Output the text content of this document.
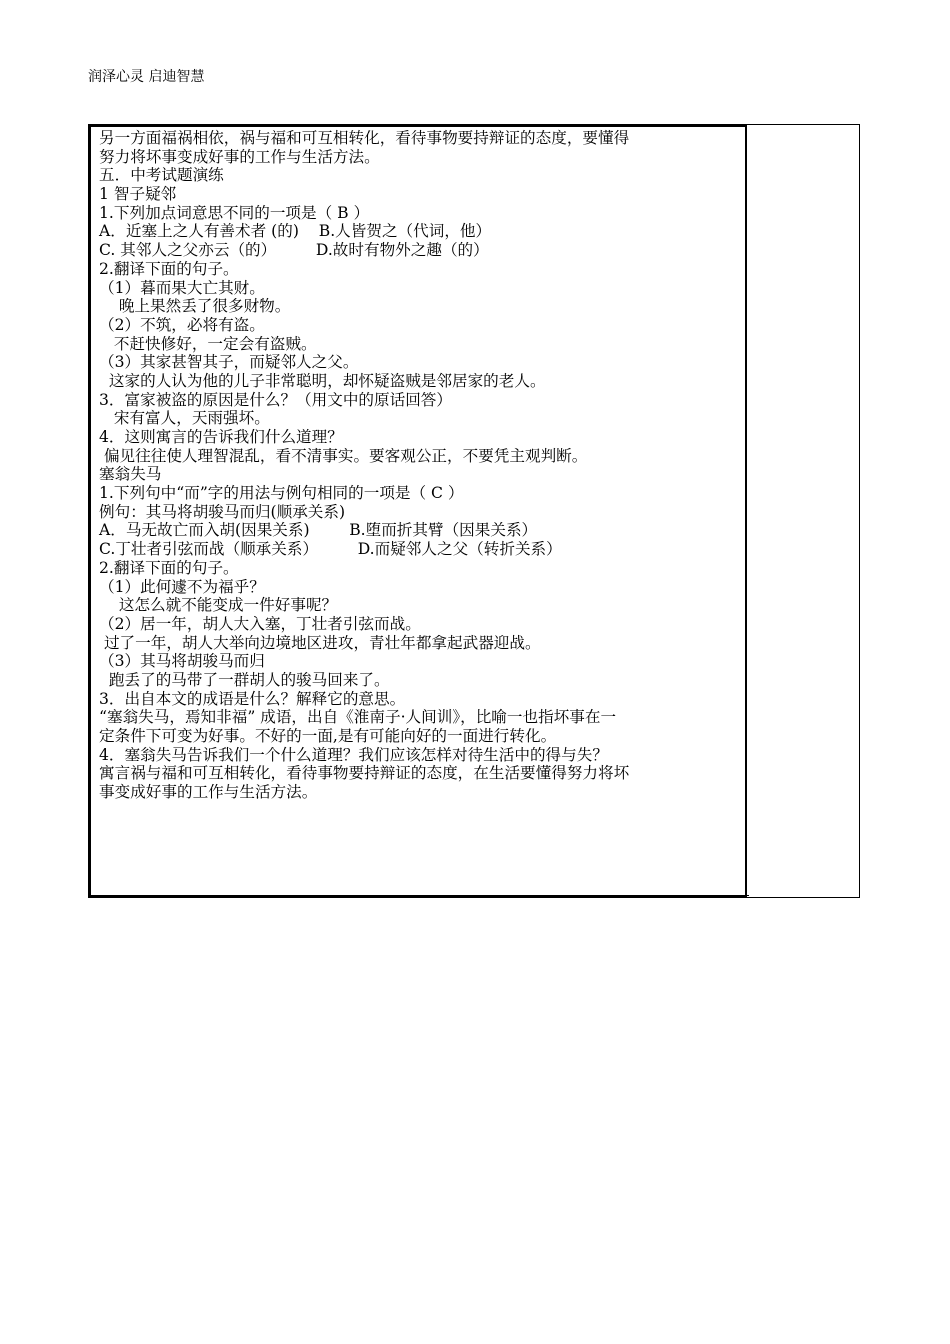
润泽心灵 启迪智慧
另一方面福祸相依，祸与福和可互相转化，看待事物要持辩证的态度，要懂得
努力将坏事变成好事的工作与生活方法。
五．中考试题演练
1 智子疑邻
1.下列加点词意思不同的一项是（ B ）
A．近塞上之人有善术者 (的)    B.人皆贺之（代词，他）
C. 其邻人之父亦云（的）        D.故时有物外之趣（的）
2.翻译下面的句子。
（1）暮而果大亡其财。
晚上果然丢了很多财物。
（2）不筑，必将有盗。
不赶快修好，一定会有盗贼。
（3）其家甚智其子，而疑邻人之父。
这家的人认为他的儿子非常聪明，却怀疑盗贼是邻居家的老人。
3．富家被盗的原因是什么？（用文中的原话回答）
宋有富人，天雨强坏。
4．这则寓言的告诉我们什么道理？
偏见往往使人理智混乱，看不清事实。要客观公正，不要凭主观判断。
塞翁失马
1.下列句中“而”字的用法与例句相同的一项是（ C ）
例句：其马将胡骏马而归(顺承关系)
A．马无故亡而入胡(因果关系)        B.堕而折其臂（因果关系）
C.丁壮者引弦而战（顺承关系）        D.而疑邻人之父（转折关系）
2.翻译下面的句子。
（1）此何遽不为福乎？
这怎么就不能变成一件好事呢？
（2）居一年，胡人大入塞，丁壮者引弦而战。
过了一年，胡人大举向边境地区进攻，青壮年都拿起武器迎战。
（3）其马将胡骏马而归
跑丢了的马带了一群胡人的骏马回来了。
3．出自本文的成语是什么？解释它的意思。
“塞翁失马，焉知非福” 成语，出自《淮南子·人间训》，比喻一也指坏事在一
定条件下可变为好事。不好的一面,是有可能向好的一面进行转化。
4．塞翁失马告诉我们一个什么道理？我们应该怎样对待生活中的得与失？
寓言祸与福和可互相转化，看待事物要持辩证的态度，在生活要懂得努力将坏
事变成好事的工作与生活方法。
